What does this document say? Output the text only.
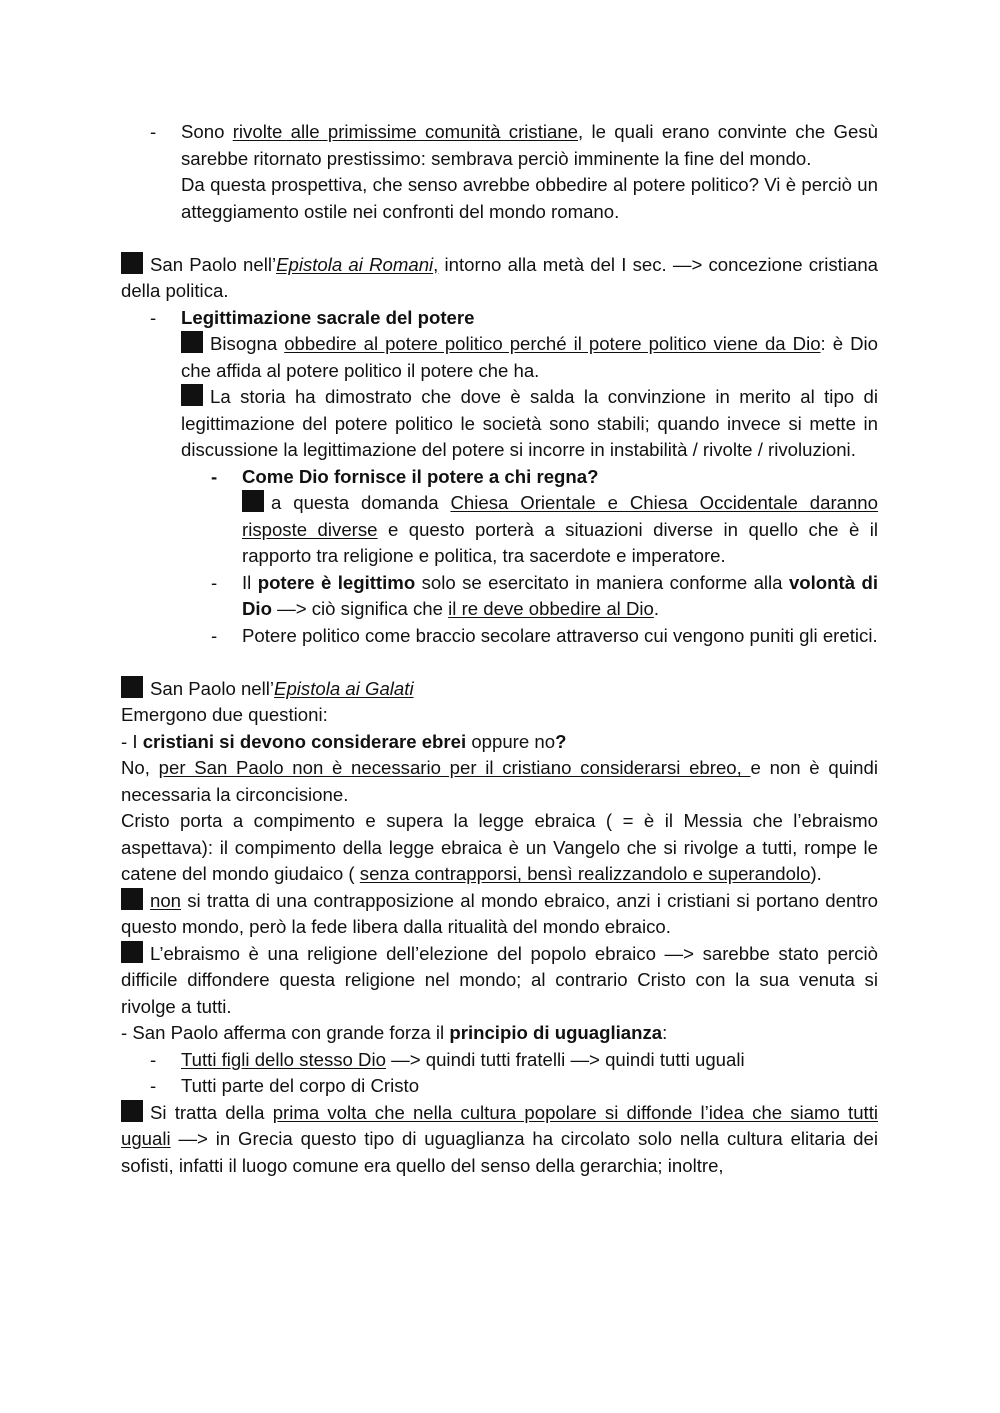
- Sono rivolte alle primissime comunità cristiane, le quali erano convinte che Gesù sarebbe ritornato prestissimo: sembrava perciò imminente la fine del mondo.

Da questa prospettiva, che senso avrebbe obbedire al potere politico? Vi è perciò un atteggiamento ostile nei confronti del mondo romano.

San Paolo nell’Epistola ai Romani, intorno alla metà del I sec. —> concezione cristiana della politica.

- Legittimazione sacrale del potere

Bisogna obbedire al potere politico perché il potere politico viene da Dio: è Dio che affida al potere politico il potere che ha.

La storia ha dimostrato che dove è salda la convinzione in merito al tipo di legittimazione del potere politico le società sono stabili; quando invece si mette in discussione la legittimazione del potere si incorre in instabilità / rivolte / rivoluzioni.

- Come Dio fornisce il potere a chi regna?

a questa domanda Chiesa Orientale e Chiesa Occidentale daranno risposte diverse e questo porterà a situazioni diverse in quello che è il rapporto tra religione e politica, tra sacerdote e imperatore.

- Il potere è legittimo solo se esercitato in maniera conforme alla volontà di Dio —> ciò significa che il re deve obbedire al Dio.

- Potere politico come braccio secolare attraverso cui vengono puniti gli eretici.

San Paolo nell’Epistola ai Galati

Emergono due questioni:

- I cristiani si devono considerare ebrei oppure no?

No, per San Paolo non è necessario per il cristiano considerarsi ebreo, e non è quindi necessaria la circoncisione.

Cristo porta a compimento e supera la legge ebraica ( = è il Messia che l’ebraismo aspettava): il compimento della legge ebraica è un Vangelo che si rivolge a tutti, rompe le catene del mondo giudaico ( senza contrapporsi, bensì realizzandolo e superandolo).

non si tratta di una contrapposizione al mondo ebraico, anzi i cristiani si portano dentro questo mondo, però la fede libera dalla ritualità del mondo ebraico.

L’ebraismo è una religione dell’elezione del popolo ebraico —> sarebbe stato perciò difficile diffondere questa religione nel mondo; al contrario Cristo con la sua venuta si rivolge a tutti.

- San Paolo afferma con grande forza il principio di uguaglianza:

- Tutti figli dello stesso Dio —> quindi tutti fratelli —> quindi tutti uguali

- Tutti parte del corpo di Cristo

Si tratta della prima volta che nella cultura popolare si diffonde l’idea che siamo tutti uguali —> in Grecia questo tipo di uguaglianza ha circolato solo nella cultura elitaria dei sofisti, infatti il luogo comune era quello del senso della gerarchia; inoltre,
